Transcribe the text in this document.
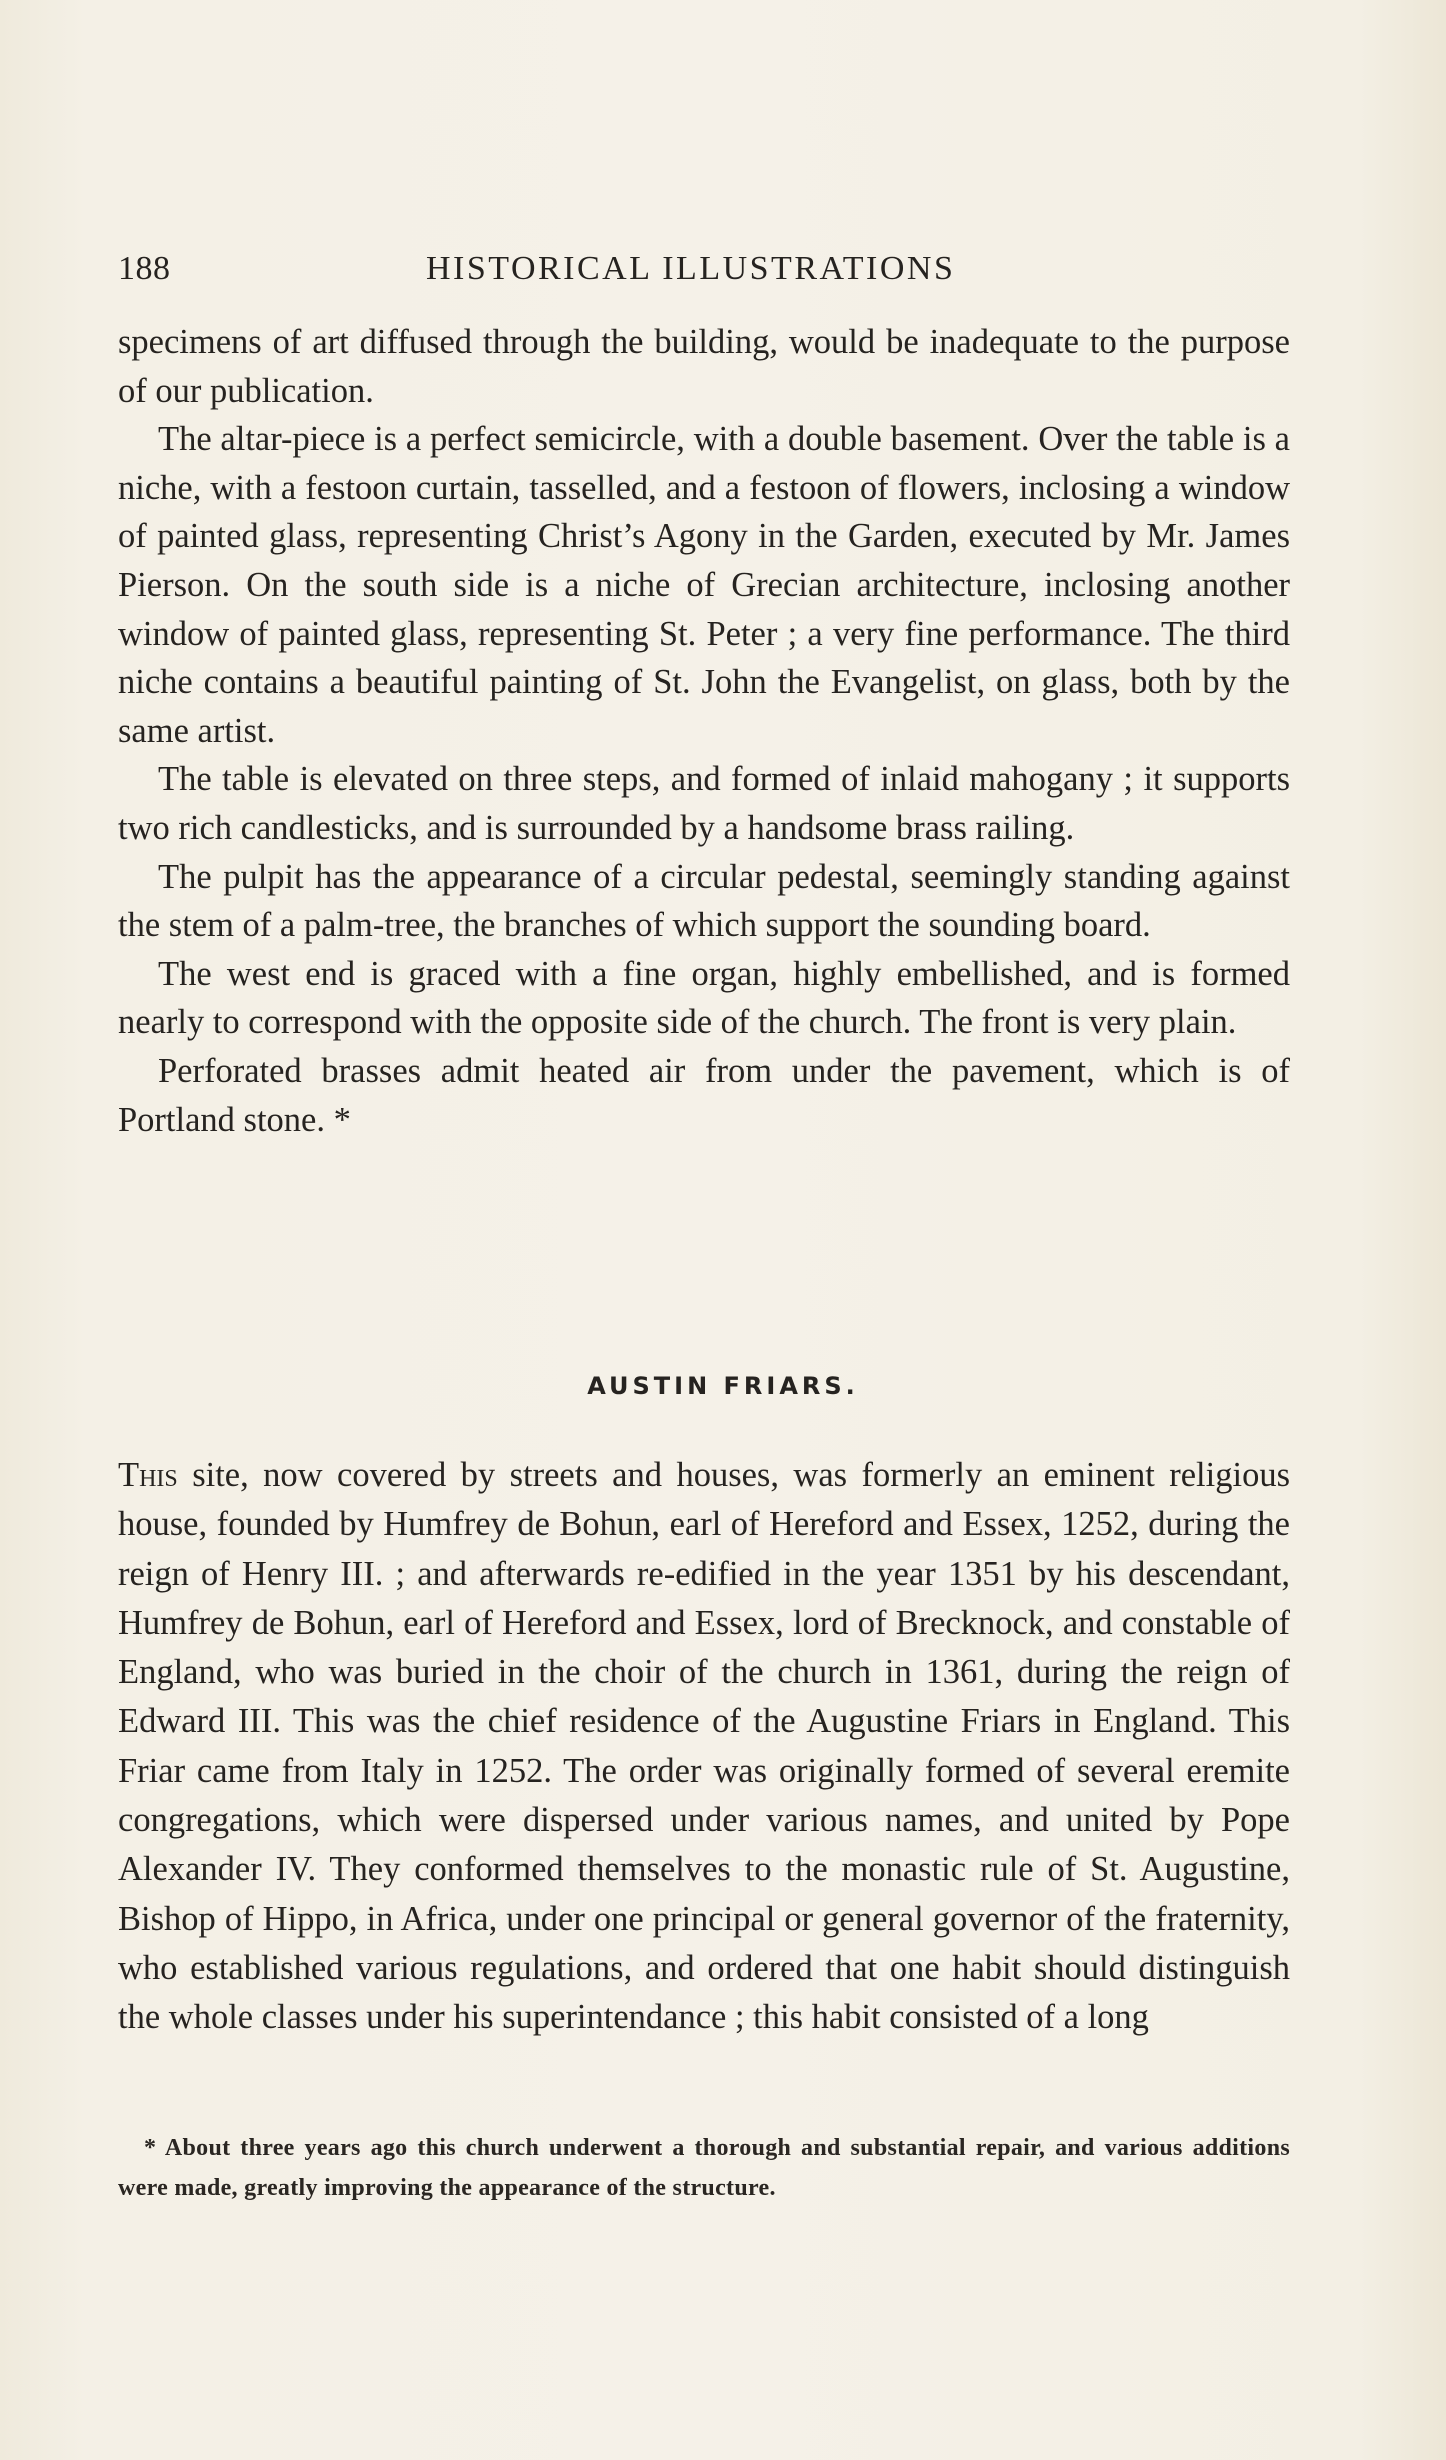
188	HISTORICAL ILLUSTRATIONS

specimens of art diffused through the building, would be inadequate to the purpose of our publication.

The altar-piece is a perfect semicircle, with a double basement. Over the table is a niche, with a festoon curtain, tasselled, and a festoon of flowers, inclosing a window of painted glass, representing Christ’s Agony in the Garden, executed by Mr. James Pierson. On the south side is a niche of Grecian architecture, inclosing another window of painted glass, representing St. Peter ; a very fine performance. The third niche contains a beautiful painting of St. John the Evangelist, on glass, both by the same artist.

The table is elevated on three steps, and formed of inlaid mahogany ; it supports two rich candlesticks, and is surrounded by a handsome brass railing.

The pulpit has the appearance of a circular pedestal, seemingly standing against the stem of a palm-tree, the branches of which support the sounding board.

The west end is graced with a fine organ, highly embellished, and is formed nearly to correspond with the opposite side of the church. The front is very plain.

Perforated brasses admit heated air from under the pavement, which is of Portland stone. *

AUSTIN FRIARS.

This site, now covered by streets and houses, was formerly an eminent religious house, founded by Humfrey de Bohun, earl of Hereford and Essex, 1252, during the reign of Henry III. ; and afterwards re-edified in the year 1351 by his descendant, Humfrey de Bohun, earl of Hereford and Essex, lord of Brecknock, and constable of England, who was buried in the choir of the church in 1361, during the reign of Edward III. This was the chief residence of the Augustine Friars in England. This Friar came from Italy in 1252. The order was originally formed of several eremite congregations, which were dispersed under various names, and united by Pope Alexander IV. They conformed themselves to the monastic rule of St. Augustine, Bishop of Hippo, in Africa, under one principal or general governor of the fraternity, who established various regulations, and ordered that one habit should distinguish the whole classes under his superintendance ; this habit consisted of a long

* About three years ago this church underwent a thorough and substantial repair, and various additions were made, greatly improving the appearance of the structure.
